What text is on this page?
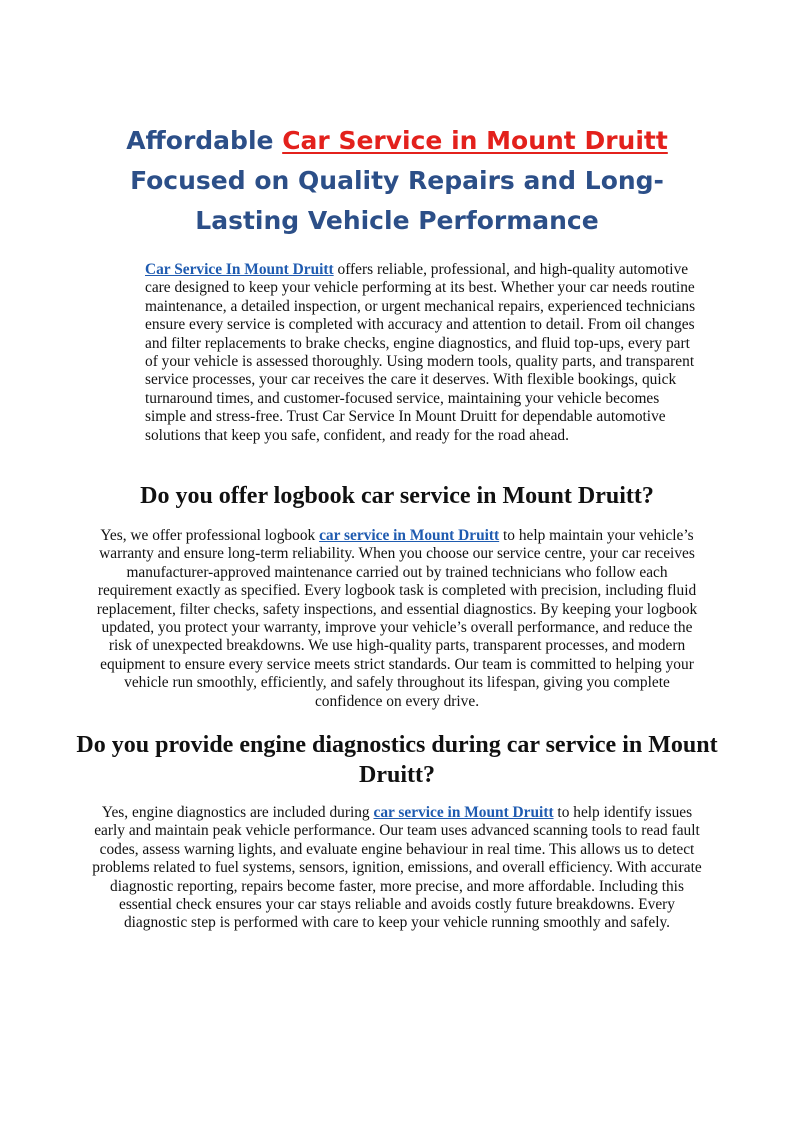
Affordable Car Service in Mount Druitt Focused on Quality Repairs and Long-Lasting Vehicle Performance

Car Service In Mount Druitt offers reliable, professional, and high-quality automotive care designed to keep your vehicle performing at its best. Whether your car needs routine maintenance, a detailed inspection, or urgent mechanical repairs, experienced technicians ensure every service is completed with accuracy and attention to detail. From oil changes and filter replacements to brake checks, engine diagnostics, and fluid top-ups, every part of your vehicle is assessed thoroughly. Using modern tools, quality parts, and transparent service processes, your car receives the care it deserves. With flexible bookings, quick turnaround times, and customer-focused service, maintaining your vehicle becomes simple and stress-free. Trust Car Service In Mount Druitt for dependable automotive solutions that keep you safe, confident, and ready for the road ahead.

Do you offer logbook car service in Mount Druitt?

Yes, we offer professional logbook car service in Mount Druitt to help maintain your vehicle’s warranty and ensure long-term reliability. When you choose our service centre, your car receives manufacturer-approved maintenance carried out by trained technicians who follow each requirement exactly as specified. Every logbook task is completed with precision, including fluid replacement, filter checks, safety inspections, and essential diagnostics. By keeping your logbook updated, you protect your warranty, improve your vehicle’s overall performance, and reduce the risk of unexpected breakdowns. We use high-quality parts, transparent processes, and modern equipment to ensure every service meets strict standards. Our team is committed to helping your vehicle run smoothly, efficiently, and safely throughout its lifespan, giving you complete confidence on every drive.

Do you provide engine diagnostics during car service in Mount Druitt?

Yes, engine diagnostics are included during car service in Mount Druitt to help identify issues early and maintain peak vehicle performance. Our team uses advanced scanning tools to read fault codes, assess warning lights, and evaluate engine behaviour in real time. This allows us to detect problems related to fuel systems, sensors, ignition, emissions, and overall efficiency. With accurate diagnostic reporting, repairs become faster, more precise, and more affordable. Including this essential check ensures your car stays reliable and avoids costly future breakdowns. Every diagnostic step is performed with care to keep your vehicle running smoothly and safely.
